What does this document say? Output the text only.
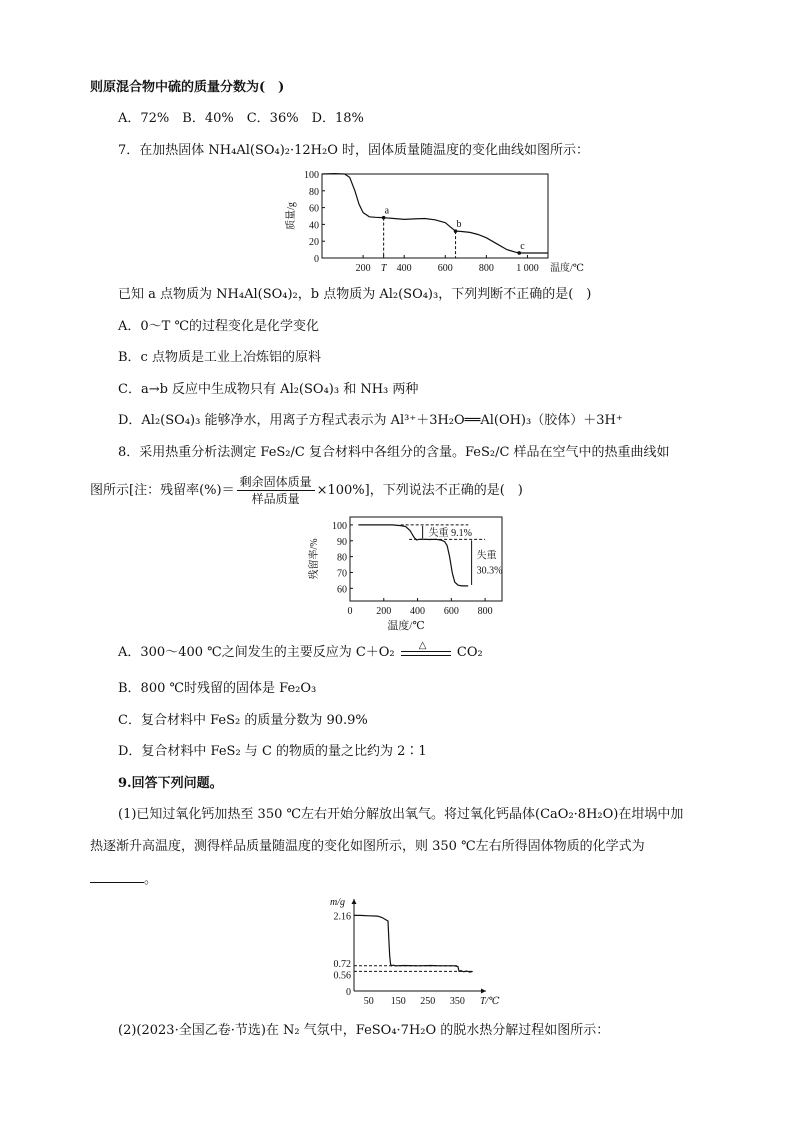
则原混合物中硫的质量分数为(　)
A．72%　B．40%　C．36%　D．18%
7．在加热固体 NH₄Al(SO₄)₂·12H₂O 时，固体质量随温度的变化曲线如图所示：
0
20
40
60
80
100
200 T 400	600	800 1 000 温度/℃
质量/g	a
b
c
已知 a 点物质为 NH₄Al(SO₄)₂，b 点物质为 Al₂(SO₄)₃，下列判断不正确的是(　)
A．0～T ℃的过程变化是化学变化
B．c 点物质是工业上冶炼铝的原料
C．a→b 反应中生成物只有 Al₂(SO₄)₃ 和 NH₃ 两种
D．Al₂(SO₄)₃ 能够净水，用离子方程式表示为 Al³⁺＋3H₂O══Al(OH)₃（胶体）＋3H⁺
8．采用热重分析法测定 FeS₂/C 复合材料中各组分的含量。FeS₂/C 样品在空气中的热重曲线如
图所示[注：残留率(%)＝ $\frac{\text{剩余固体质量}}{\text{样品质量}} \times 100\%$]，下列说法不正确的是(　)
60
70
80
90
100
0 200 400 600 800
温度/℃
残留率/%
失重 9.1%
失重
30.3%
A．300～400 ℃之间发生的主要反应为 C＋O₂ △ CO₂
B．800 ℃时残留的固体是 Fe₂O₃
C．复合材料中 FeS₂ 的质量分数为 90.9%
D．复合材料中 FeS₂ 与 C 的物质的量之比约为 2∶1
9.回答下列问题。
(1)已知过氧化钙加热至 350 ℃左右开始分解放出氧气。将过氧化钙晶体(CaO₂·8H₂O)在坩埚中加
热逐渐升高温度，测得样品质量随温度的变化如图所示，则 350 ℃左右所得固体物质的化学式为
。
0
0.56
0.72
2.16
50 150 250 350 T/℃
m/g
(2)(2023·全国乙卷·节选)在 N₂ 气氛中，FeSO₄·7H₂O 的脱水热分解过程如图所示：
